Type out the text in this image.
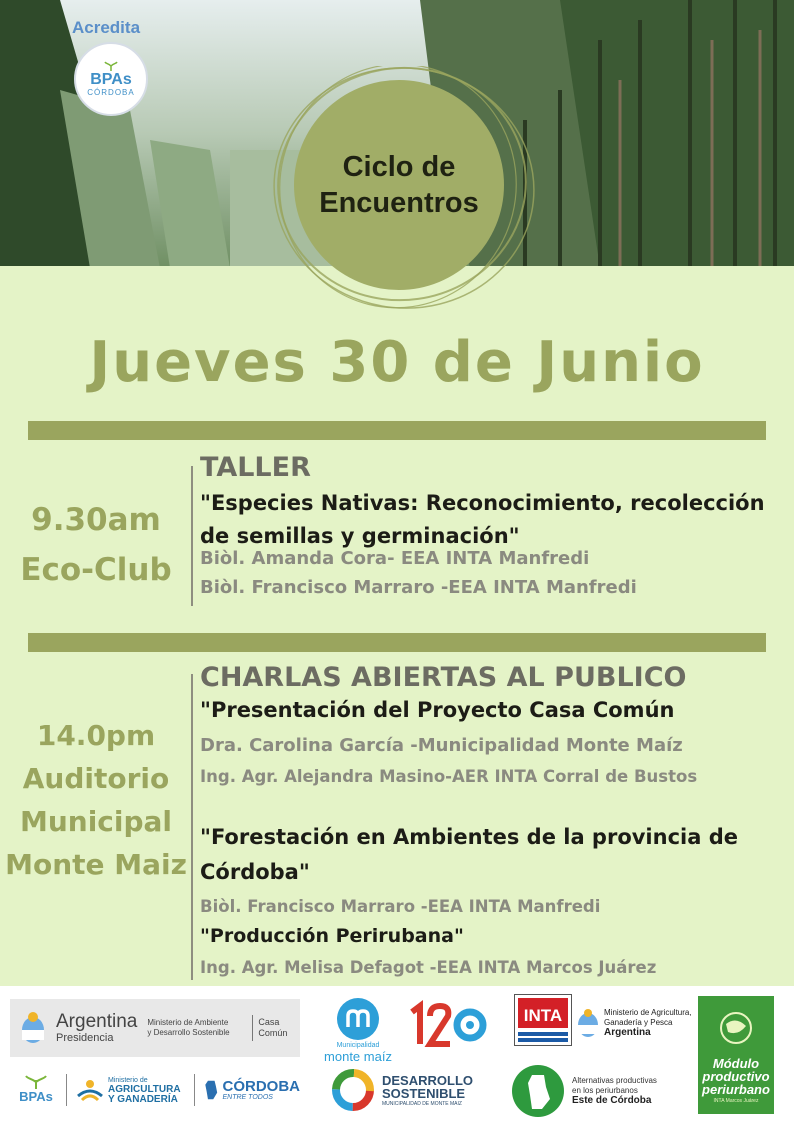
Acredita
BPAs
CÓRDOBA
Ciclo de
Encuentros
Jueves 30 de Junio
9.30am
Eco-Club
TALLER
"Especies Nativas: Reconocimiento, recolección
de semillas y germinación"
Biòl. Amanda Cora- EEA INTA Manfredi
Biòl. Francisco Marraro -EEA INTA Manfredi
14.0pm
Auditorio
Municipal
Monte Maiz
CHARLAS ABIERTAS AL PUBLICO
"Presentación del Proyecto Casa Común
Dra. Carolina García -Municipalidad Monte Maíz
Ing. Agr. Alejandra Masino-AER INTA Corral de Bustos
"Forestación en Ambientes de la provincia de
Córdoba"
Biòl. Francisco Marraro -EEA INTA Manfredi
"Producción Perirubana"
Ing. Agr. Melisa Defagot -EEA INTA Marcos Juárez
Argentina
Presidencia
Ministerio de Ambiente
y Desarrollo Sostenible
Casa
Común
Municipalidad
monte maíz
INTA	Ministerio de Agricultura,
Ganadería y Pesca
Argentina
Módulo
productivo
periurbano
INTA Marcos Juárez
BPAs
Ministerio de
AGRICULTURA
Y GANADERÍA
CÓRDOBA
ENTRE TODOS
DESARROLLO
SOSTENIBLE
MUNICIPALIDAD DE MONTE MAIZ
Alternativas productivas
en los periurbanos
Este de Córdoba
